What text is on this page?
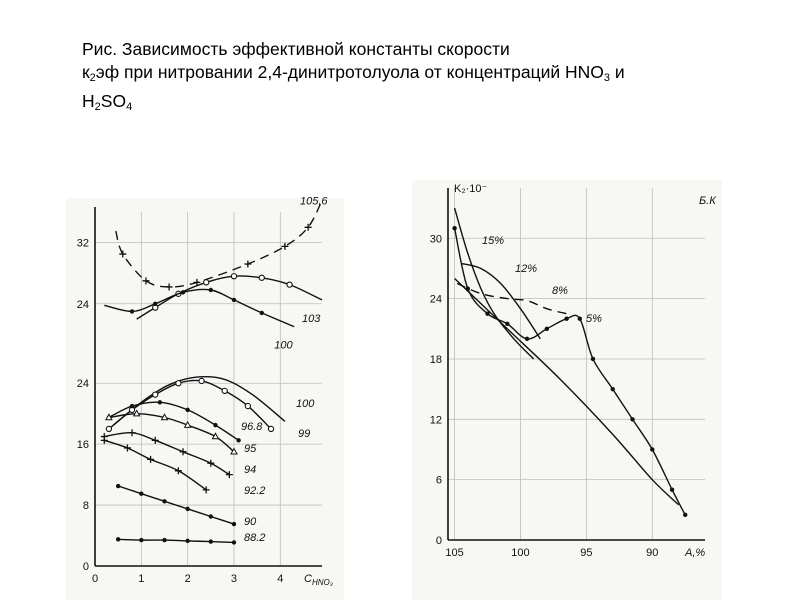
Рис. Зависимость эффективной константы скорости
$к_2эф$ при нитровании 2,4-динитротолуола от концентраций $HNO_3$ и
$H_2SO_4$
0	1	2	3	4
24
32
0
8
16
24
$C_{HNO_3}$
105.6
103
100
100
99
96.8
95
94
92.2
90
88.2
105	100	95	90
0
6
12
18
24
30
K₂·10⁻
A,%
Б.К
15%
12%
8%
5%
